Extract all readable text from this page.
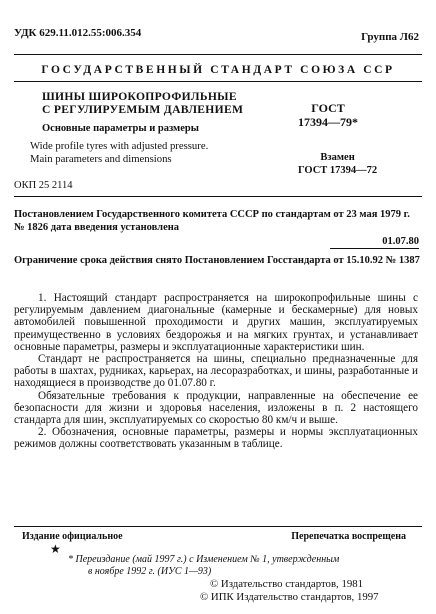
УДК 629.11.012.55:006.354	Группа Л62
ГОСУДАРСТВЕННЫЙ СТАНДАРТ СОЮЗА ССР
ШИНЫ ШИРОКОПРОФИЛЬНЫЕ
С РЕГУЛИРУЕМЫМ ДАВЛЕНИЕМ	ГОСТ
17394—79*
Основные параметры и размеры
Wide profile tyres with adjusted pressure.
Main parameters and dimensions	Взамен
ГОСТ 17394—72
ОКП 25 2114
Постановлением Государственного комитета СССР по стандартам от 23 мая 1979 г. № 1826 дата введения установлена
01.07.80
Ограничение срока действия снято Постановлением Госстандарта от 15.10.92 № 1387

1. Настоящий стандарт распространяется на широкопрофильные шины с регулируемым давлением диагональные (камерные и бескамерные) для новых автомобилей повышенной проходимости и других машин, эксплуатируемых преимущественно в условиях бездорожья и на мягких грунтах, и устанавливает основные параметры, размеры и эксплуатационные характеристики шин.

Стандарт не распространяется на шины, специально предназначенные для работы в шахтах, рудниках, карьерах, на лесоразработках, и шины, разработанные и находящиеся в производстве до 01.07.80 г.

Обязательные требования к продукции, направленные на обеспечение ее безопасности для жизни и здоровья населения, изложены в п. 2 настоящего стандарта для шин, эксплуатируемых со скоростью 80 км/ч и выше.

2. Обозначения, основные параметры, размеры и нормы эксплуатационных режимов должны соответствовать указанным в таблице.

Издание официальное
★
Перепечатка воспрещена
* Переиздание (май 1997 г.) с Изменением № 1, утвержденным
в ноябре 1992 г. (ИУС 1—93)
© Издательство стандартов, 1981
© ИПК Издательство стандартов, 1997
